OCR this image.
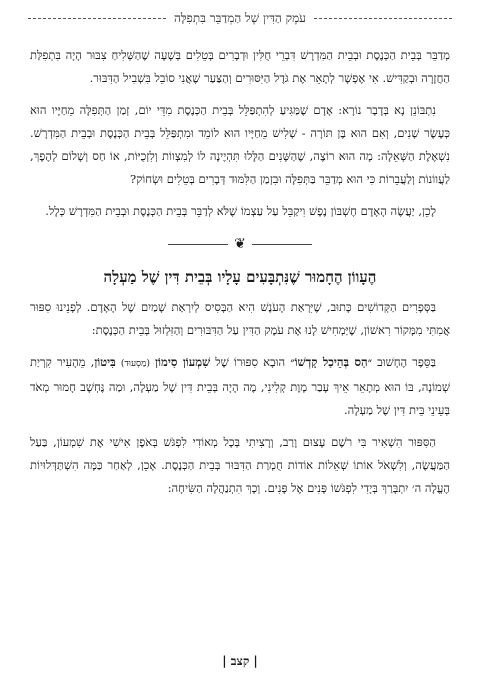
עֹמֶק הַדִּין שֶׁל הַמְדַבֵּר בִּתְפִלָּה

מְדַבֵּר בְּבֵית הַכְּנֶסֶת וּבְבֵית הַמִּדְרָשׁ דִּבְרֵי חֻלִּין וּדְבָרִים בְּטֵלִים בְּשָׁעָה שֶׁהַשְּׁלִיחַ צִבּוּר הָיָה בִּתְפִלַּת הַחֲזָרָה וּבְקַדִּישׁ. אִי אֶפְשָׁר לְתָאֵר אֶת גֹּדֶל הַיִּסּוּרִים וְהַצַּעַר שֶׁאֲנִי סוֹבֵל בִּשְׁבִיל הַדִּבּוּר.

נִתְבּוֹנֵן נָא בְּדָבָר נוֹרָא: אָדָם שֶׁמַּגִּיעַ לְהִתְפַּלֵּל בְּבֵית הַכְּנֶסֶת מִדֵּי יוֹם, זְמַן הַתְּפִלָּה מֵחַיָּיו הוּא כְּעֶשֶׂר שָׁנִים, וְאִם הוּא בֶּן תּוֹרָה - שְׁלִישׁ מֵחַיָּיו הוּא לוֹמֵד וּמִתְפַּלֵּל בְּבֵית הַכְּנֶסֶת וּבְבֵית הַמִּדְרָשׁ. נִשְׁאֶלֶת הַשְּׁאֵלָה: מָה הוּא רוֹצֶה, שֶׁהַשָּׁנִים הַלָּלוּ תִּהְיֶינָה לוֹ לְמִצְווֹת וְלִזְכֻיּוֹת, אוֹ חַס וְשָׁלוֹם לְהֶפֶךְ, לַעֲווֹנוֹת וְלַעֲבֵרוֹת כִּי הוּא מְדַבֵּר בַּתְּפִלָּה וּבִזְמַן הַלִּמּוּד דְּבָרִים בְּטֵלִים וּשְׂחוֹק?

לָכֵן, יַעֲשֶׂה הָאָדָם חֶשְׁבּוֹן נֶפֶשׁ וִיקַבֵּל עַל עַצְמוֹ שֶׁלֹּא לְדַבֵּר בְּבֵית הַכְּנֶסֶת וּבְבֵית הַמִּדְרָשׁ כְּלָל.

❦
הֶעָווֹן הֶחָמוּר שֶׁנִּתְבָּעִים עָלָיו בְּבֵית דִּין שֶׁל מַעְלָה

בַּסְּפָרִים הַקְּדוֹשִׁים כָּתוּב, שֶׁיִּרְאַת הָעֹנֶשׁ הִיא הַבָּסִיס לְיִרְאַת שָׁמַיִם שֶׁל הָאָדָם. לְפָנֵינוּ סִפּוּר אֲמִתִּי מִמָּקוֹר רִאשׁוֹן, שֶׁיַּמְחִישׁ לָנוּ אֶת עֹמֶק הַדִּין עַל הַדִּבּוּרִים וְהַזִּלְזוּל בְּבֵית הַכְּנֶסֶת:

בַּסֵּפֶר הֶחָשׁוּב ״הַס בְּהֵיכַל קָדְשׁוֹ״ הוּבָא סִפּוּרוֹ שֶׁל שִׁמְעוֹן סִימוֹן (מַסְעוּד) בִּיטוֹן, מֵהָעִיר קִרְיַת שְׁמוֹנָה, בּוֹ הוּא מְתָאֵר אֵיךְ עָבַר מָוֶת קְלִינִי, מֶה הָיָה בְּבֵית דִּין שֶׁל מַעְלָה, וּמַה נֶּחְשָׁב חָמוּר מְאֹד בְּעֵינֵי בֵּית דִּין שֶׁל מַעְלָה.

הַסִּפּוּר הִשְׁאִיר בִּי רֹשֶׁם עָצוּם וָרַב, וְרָצִיתִי בְּכָל מְאוֹדִי לִפְגֹּשׁ בְּאֹפֶן אִישִׁי אֶת שִׁמְעוֹן, בַּעַל הַמַּעֲשֶׂה, וְלִשְׁאֹל אוֹתוֹ שְׁאֵלוֹת אוֹדוֹת חֻמְרַת הַדִּבּוּר בְּבֵית הַכְּנֶסֶת. אָכֵן, לְאַחַר כַּמָּה הִשְׁתַּדְּלוּיוֹת הֶעֱלָה ה׳ יִתְבָּרַךְ בְּיָדִי לִפְגֹּשׁוֹ פָּנִים אֶל פָּנִים. וְכָךְ הִתְנַהֲלָה הַשִּׂיחָה:

| קצב |
